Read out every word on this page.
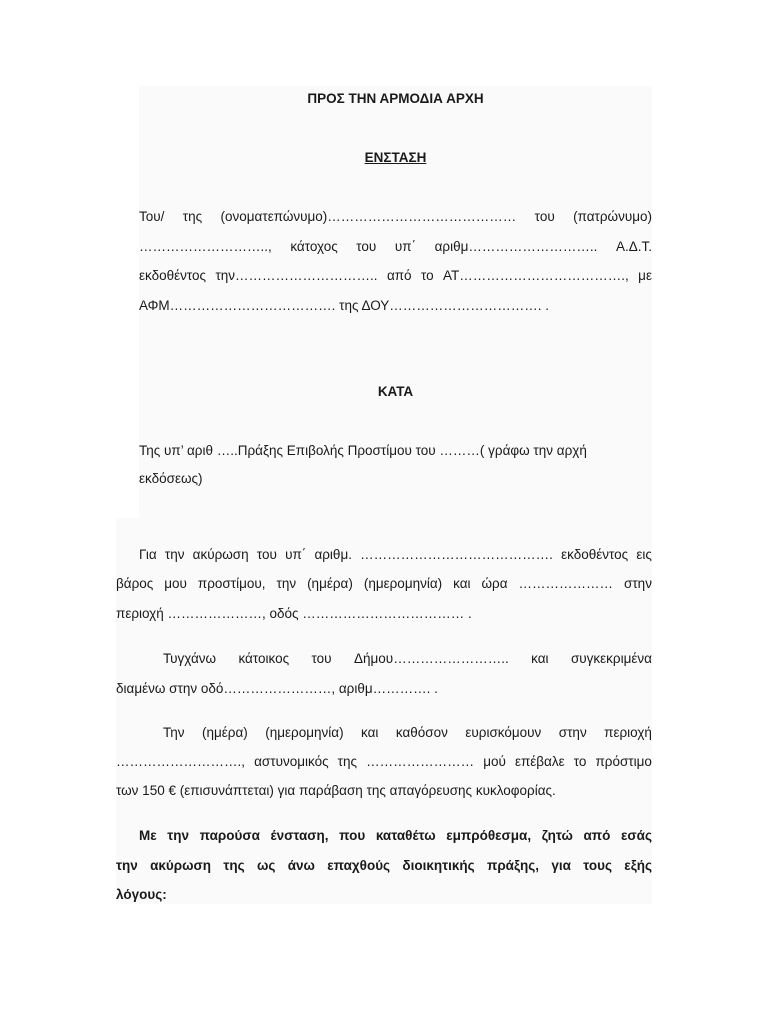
ΠΡΟΣ ΤΗΝ ΑΡΜΟΔΙΑ ΑΡΧΗ
ΕΝΣΤΑΣΗ
Του/ της (ονοματεπώνυμο)…………………………………… του (πατρώνυμο)
……………………….., κάτοχος του υπ΄ αριθμ……………………….. Α.Δ.Τ.
εκδοθέντος την………………………….. από το ΑΤ………………………………., με
ΑΦΜ………………………………. της ΔΟΥ……………………………. .
ΚΑΤΑ
Της υπ’ αριθ …..Πράξης Επιβολής Προστίμου του ………( γράφω την αρχή
εκδόσεως)
Για την ακύρωση του υπ΄ αριθμ. ……………………………………. εκδοθέντος εις
βάρος μου προστίμου, την (ημέρα) (ημερομηνία) και ώρα ………………… στην
περιοχή …………………, οδός ……………………………… .
Τυγχάνω κάτοικος του Δήμου…………………….. και συγκεκριμένα
διαμένω στην οδό……………………, αριθμ…………. .
Την (ημέρα) (ημερομηνία) και καθόσον ευρισκόμουν στην περιοχή
………………………., αστυνομικός της …………………… μού επέβαλε το πρόστιμο
των 150 € (επισυνάπτεται) για παράβαση της απαγόρευσης κυκλοφορίας.
Με την παρούσα ένσταση, που καταθέτω εμπρόθεσμα, ζητώ από εσάς
την ακύρωση της ως άνω επαχθούς διοικητικής πράξης, για τους εξής
λόγους:
